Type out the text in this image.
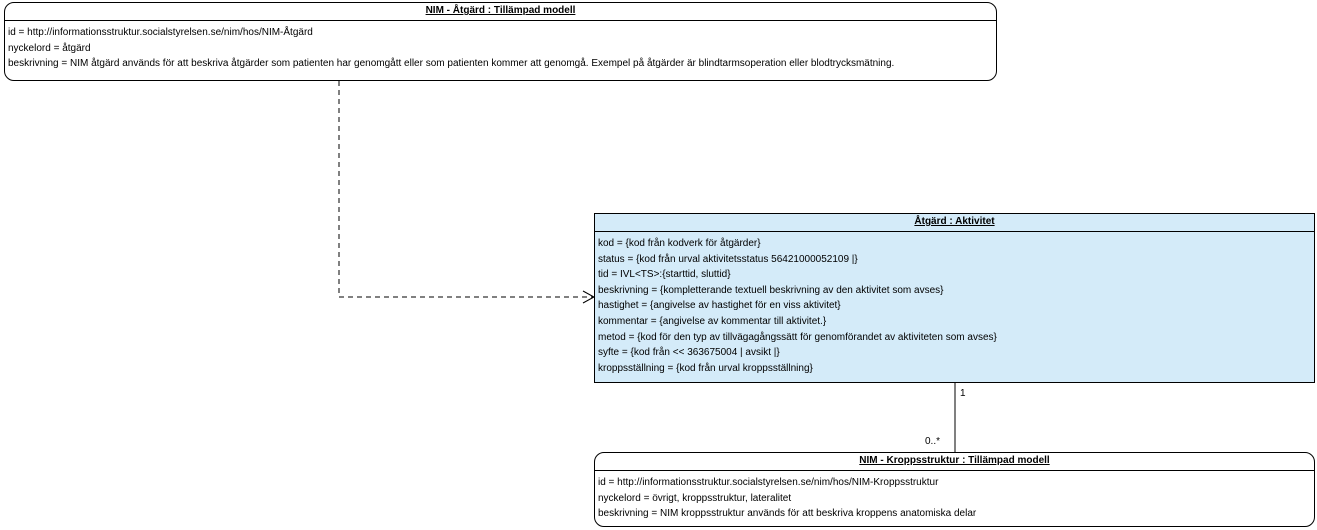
NIM - Åtgärd : Tillämpad modell
id = http://informationsstruktur.socialstyrelsen.se/nim/hos/NIM-Åtgärd
nyckelord = åtgärd
beskrivning = NIM åtgärd används för att beskriva åtgärder som patienten har genomgått eller som patienten kommer att genomgå. Exempel på åtgärder är blindtarmsoperation eller blodtrycksmätning.
Åtgärd : Aktivitet
kod = {kod från kodverk för åtgärder}
status = {kod från urval aktivitetsstatus 56421000052109 |}
tid = IVL<TS>:{starttid, sluttid}
beskrivning = {kompletterande textuell beskrivning av den aktivitet som avses}
hastighet = {angivelse av hastighet för en viss aktivitet}
kommentar = {angivelse av kommentar till aktivitet.}
metod = {kod för den typ av tillvägagångssätt för genomförandet av aktiviteten som avses}
syfte = {kod från << 363675004 | avsikt |}
kroppsställning = {kod från urval kroppsställning}
NIM - Kroppsstruktur : Tillämpad modell
id = http://informationsstruktur.socialstyrelsen.se/nim/hos/NIM-Kroppsstruktur
nyckelord = övrigt, kroppsstruktur, lateralitet
beskrivning = NIM kroppsstruktur används för att beskriva kroppens anatomiska delar
1
0..*
